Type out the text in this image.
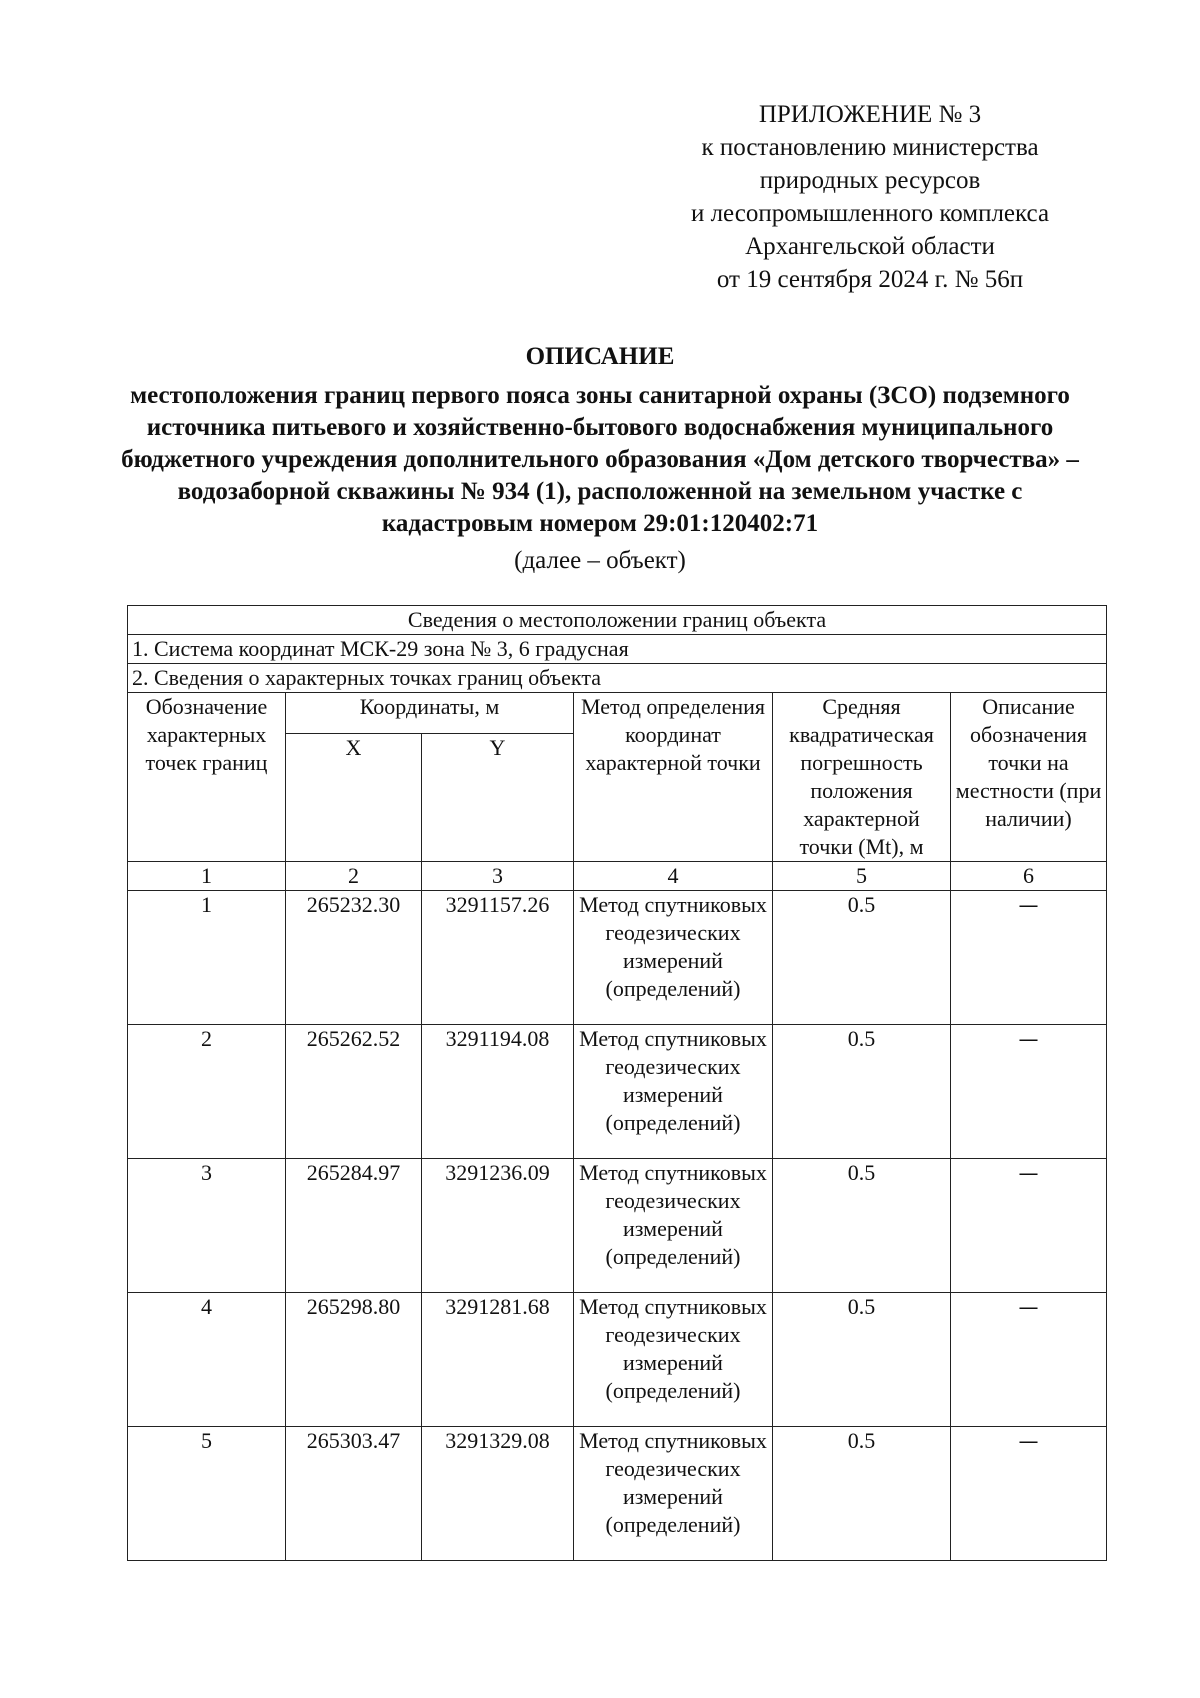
ПРИЛОЖЕНИЕ № 3
к постановлению министерства
природных ресурсов
и лесопромышленного комплекса
Архангельской области
от 19 сентября 2024 г. № 56п
ОПИСАНИЕ
местоположения границ первого пояса зоны санитарной охраны (ЗСО) подземного источника питьевого и хозяйственно-бытового водоснабжения муниципального бюджетного учреждения дополнительного образования «Дом детского творчества» – водозаборной скважины № 934 (1), расположенной на земельном участке с кадастровым номером 29:01:120402:71
(далее – объект)
Сведения о местоположении границ объекта					
1. Система координат МСК-29 зона № 3, 6 градусная					
2. Сведения о характерных точках границ объекта					
Обозначение характерных точек границ	Координаты, м		Метод определения координат характерной точки	Средняя квадратическая погрешность положения характерной точки (Mt), м	Описание обозначения точки на местности (при наличии)
	X	Y			
1	2	3	4	5	6
1	265232.30	3291157.26	Метод спутниковых геодезических измерений (определений)	0.5	—
2	265262.52	3291194.08	Метод спутниковых геодезических измерений (определений)	0.5	—
3	265284.97	3291236.09	Метод спутниковых геодезических измерений (определений)	0.5	—
4	265298.80	3291281.68	Метод спутниковых геодезических измерений (определений)	0.5	—
5	265303.47	3291329.08	Метод спутниковых геодезических измерений (определений)	0.5	—
